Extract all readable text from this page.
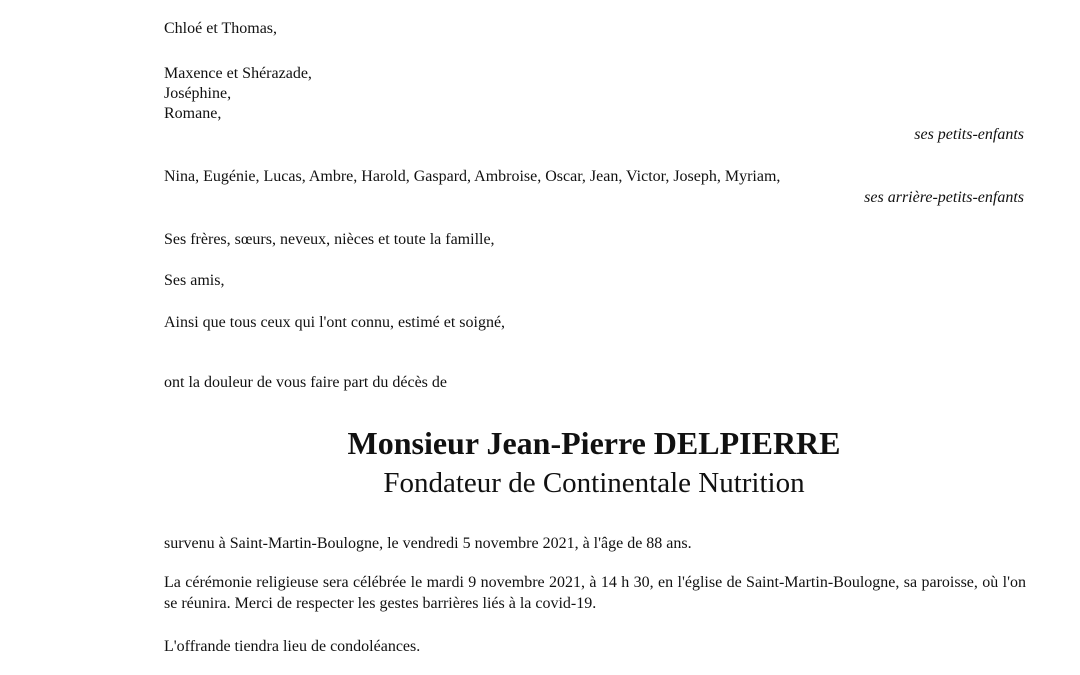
Chloé et Thomas,
Maxence et Shérazade,
Joséphine,
Romane,
ses petits-enfants
Nina, Eugénie, Lucas, Ambre, Harold, Gaspard, Ambroise, Oscar, Jean, Victor, Joseph, Myriam,
ses arrière-petits-enfants
Ses frères, sœurs, neveux, nièces et toute la famille,
Ses amis,
Ainsi que tous ceux qui l'ont connu, estimé et soigné,
ont la douleur de vous faire part du décès de
Monsieur Jean-Pierre DELPIERRE
Fondateur de Continentale Nutrition
survenu à Saint-Martin-Boulogne, le vendredi 5 novembre 2021, à l'âge de 88 ans.
La cérémonie religieuse sera célébrée le mardi 9 novembre 2021, à 14 h 30, en l'église de Saint-Martin-Boulogne, sa paroisse, où l'on se réunira. Merci de respecter les gestes barrières liés à la covid-19.
L'offrande tiendra lieu de condoléances.
